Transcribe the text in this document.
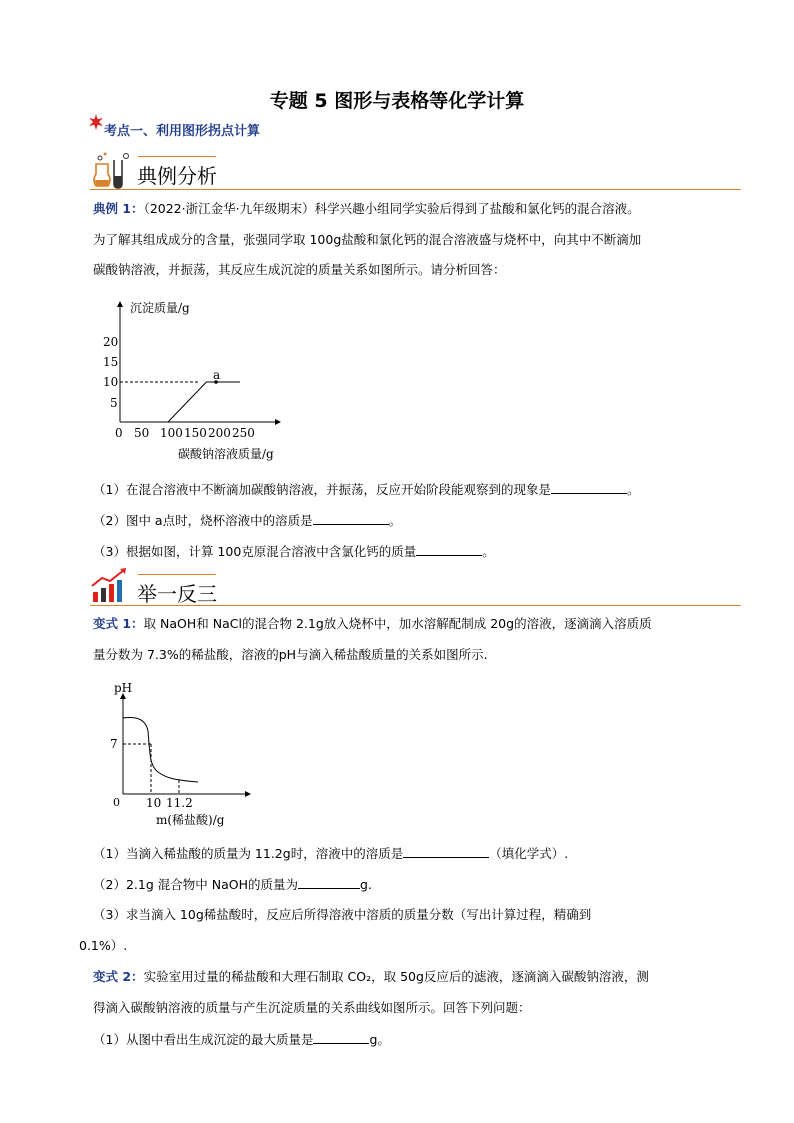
专题 5 图形与表格等化学计算
考点一、利用图形拐点计算
典例分析
典例 1：（2022·浙江金华·九年级期末）科学兴趣小组同学实验后得到了盐酸和氯化钙的混合溶液。
为了解其组成成分的含量，张强同学取 100g盐酸和氯化钙的混合溶液盛与烧杯中，向其中不断滴加
碳酸钠溶液，并振荡，其反应生成沉淀的质量关系如图所示。请分析回答：
沉淀质量/g
碳酸钠溶液质量/g
20
15
10
5
0 50 100 150 200 250
a
（1）在混合溶液中不断滴加碳酸钠溶液，并振荡，反应开始阶段能观察到的现象是	。
（2）图中 a点时，烧杯溶液中的溶质是	。
（3）根据如图，计算 100克原混合溶液中含氯化钙的质量	。
举一反三
变式 1：取 NaOH和 NaCl的混合物 2.1g放入烧杯中，加水溶解配制成 20g的溶液，逐滴滴入溶质质
量分数为 7.3%的稀盐酸，溶液的pH与滴入稀盐酸质量的关系如图所示.
pH
7
0 10 11.2
m(稀盐酸)/g
（1）当滴入稀盐酸的质量为 11.2g时，溶液中的溶质是	（填化学式）.
（2）2.1g 混合物中 NaOH的质量为	g.
（3）求当滴入 10g稀盐酸时，反应后所得溶液中溶质的质量分数（写出计算过程，精确到
0.1%）.
变式 2：实验室用过量的稀盐酸和大理石制取 CO₂，取 50g反应后的滤液，逐滴滴入碳酸钠溶液，测
得滴入碳酸钠溶液的质量与产生沉淀质量的关系曲线如图所示。回答下列问题：
（1）从图中看出生成沉淀的最大质量是	g。
